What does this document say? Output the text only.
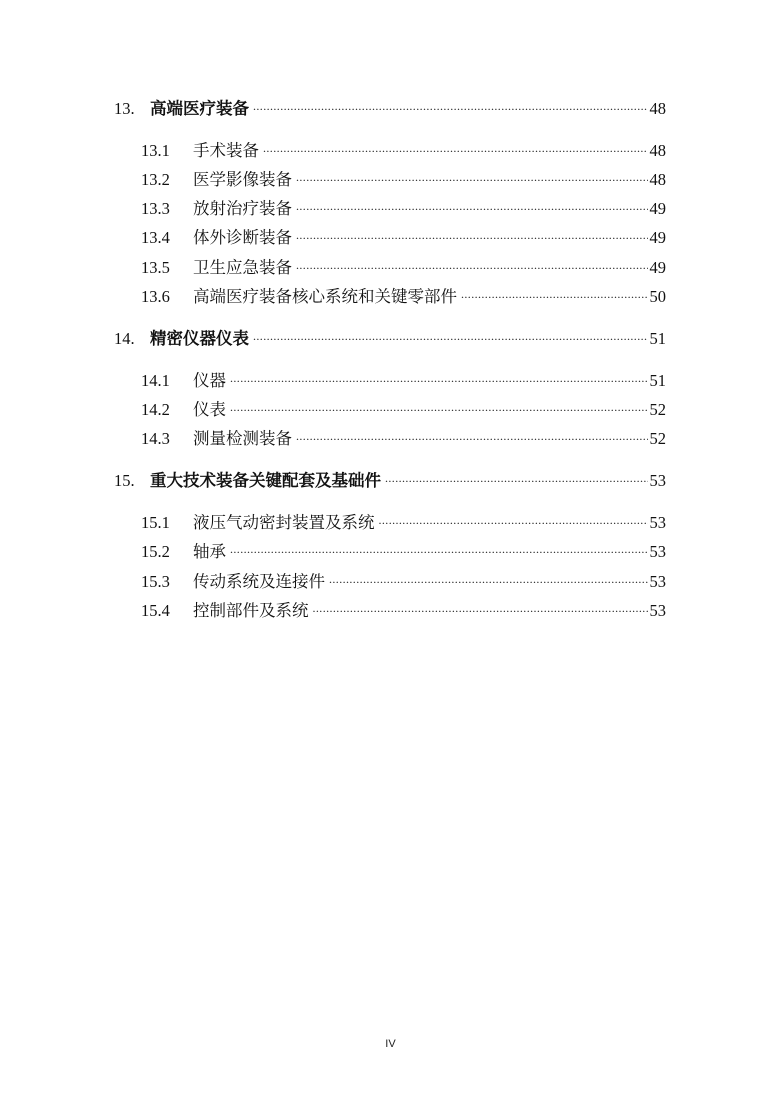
13. 高端医疗装备 .....	48
13.1	手术装备 .....	48
13.2	医学影像装备 .....	48
13.3	放射治疗装备 .....	49
13.4	体外诊断装备 .....	49
13.5	卫生应急装备 .....	49
13.6	高端医疗装备核心系统和关键零部件 .....	50
14. 精密仪器仪表 .....	51
14.1	仪器 .....	51
14.2	仪表 .....	52
14.3	测量检测装备 .....	52
15. 重大技术装备关键配套及基础件 .....	53
15.1	液压气动密封装置及系统 .....	53
15.2	轴承 .....	53
15.3	传动系统及连接件 .....	53
15.4	控制部件及系统 .....	53
IV
